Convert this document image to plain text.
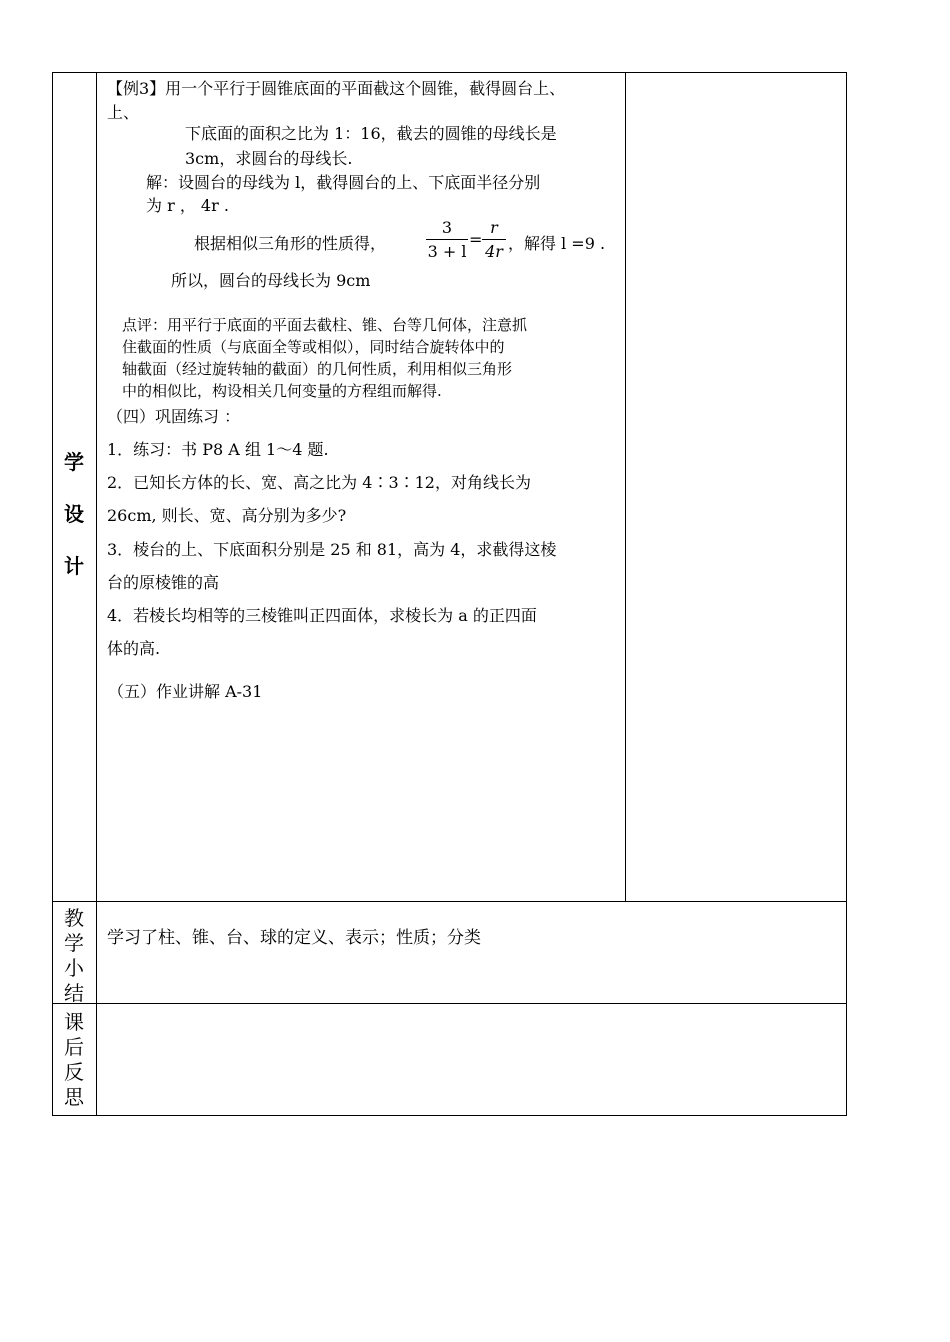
学
设
计
教
学
小
结
课
后
反
思
【例3】用一个平行于圆锥底面的平面截这个圆锥，截得圆台上、
上、
下底面的面积之比为 1：16，截去的圆锥的母线长是
3cm，求圆台的母线长.
解：设圆台的母线为 l，截得圆台的上、下底面半径分别
为 r ， 4r .
根据相似三角形的性质得，
3
3 + l
=
r
4r ，解得 l =9 .
所以，圆台的母线长为 9cm
点评：用平行于底面的平面去截柱、锥、台等几何体，注意抓
住截面的性质（与底面全等或相似），同时结合旋转体中的
轴截面（经过旋转轴的截面）的几何性质，利用相似三角形
中的相似比，构设相关几何变量的方程组而解得.
（四）巩固练习 ：
1．练习：书 P8 A 组 1～4 题.
2．已知长方体的长、宽、高之比为 4∶3∶12，对角线长为
26cm, 则长、宽、高分别为多少?
3．棱台的上、下底面积分别是 25 和 81，高为 4，求截得这棱
台的原棱锥的高
4．若棱长均相等的三棱锥叫正四面体，求棱长为 a 的正四面
体的高.
（五）作业讲解 A-31
学习了柱、锥、台、球的定义、表示；性质；分类
